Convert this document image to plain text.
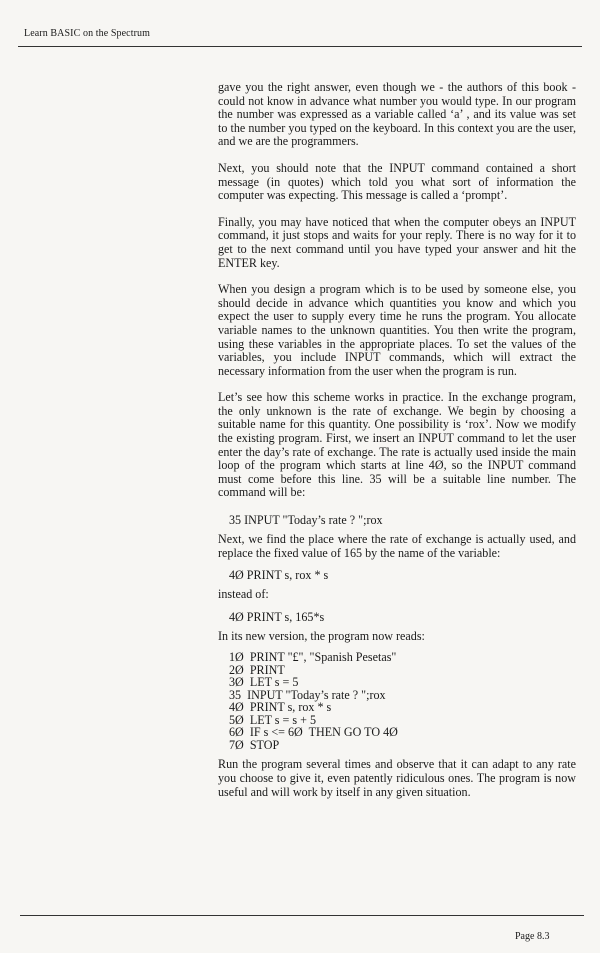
Learn BASIC on the Spectrum

gave you the right answer, even though we - the authors of this book - could not know in advance what number you would type. In our program the number was expressed as a variable called ‘a’ , and its value was set to the number you typed on the keyboard. In this context you are the user, and we are the programmers.

Next, you should note that the INPUT command contained a short message (in quotes) which told you what sort of information the computer was expecting. This message is called a ‘prompt’.

Finally, you may have noticed that when the computer obeys an INPUT command, it just stops and waits for your reply. There is no way for it to get to the next command until you have typed your answer and hit the ENTER key.

When you design a program which is to be used by someone else, you should decide in advance which quantities you know and which you expect the user to supply every time he runs the program. You allocate variable names to the unknown quantities. You then write the program, using these variables in the appropriate places. To set the values of the variables, you include INPUT commands, which will extract the necessary information from the user when the program is run.

Let’s see how this scheme works in practice. In the exchange program, the only unknown is the rate of exchange. We begin by choosing a suitable name for this quantity. One possibility is ‘rox’. Now we modify the existing program. First, we insert an INPUT command to let the user enter the day’s rate of exchange. The rate is actually used inside the main loop of the program which starts at line 4Ø, so the INPUT command must come before this line. 35 will be a suitable line number. The command will be:

35 INPUT "Today’s rate ? ";rox

Next, we find the place where the rate of exchange is actually used, and replace the fixed value of 165 by the name of the variable:

4Ø PRINT s, rox * s

instead of:

4Ø PRINT s, 165*s

In its new version, the program now reads:

1Ø  PRINT "£", "Spanish Pesetas"
2Ø  PRINT
3Ø  LET s = 5
35  INPUT "Today’s rate ? ";rox
4Ø  PRINT s, rox * s
5Ø  LET s = s + 5
6Ø  IF s <= 6Ø  THEN GO TO 4Ø
7Ø  STOP

Run the program several times and observe that it can adapt to any rate you choose to give it, even patently ridiculous ones. The program is now useful and will work by itself in any given situation.

Page 8.3
